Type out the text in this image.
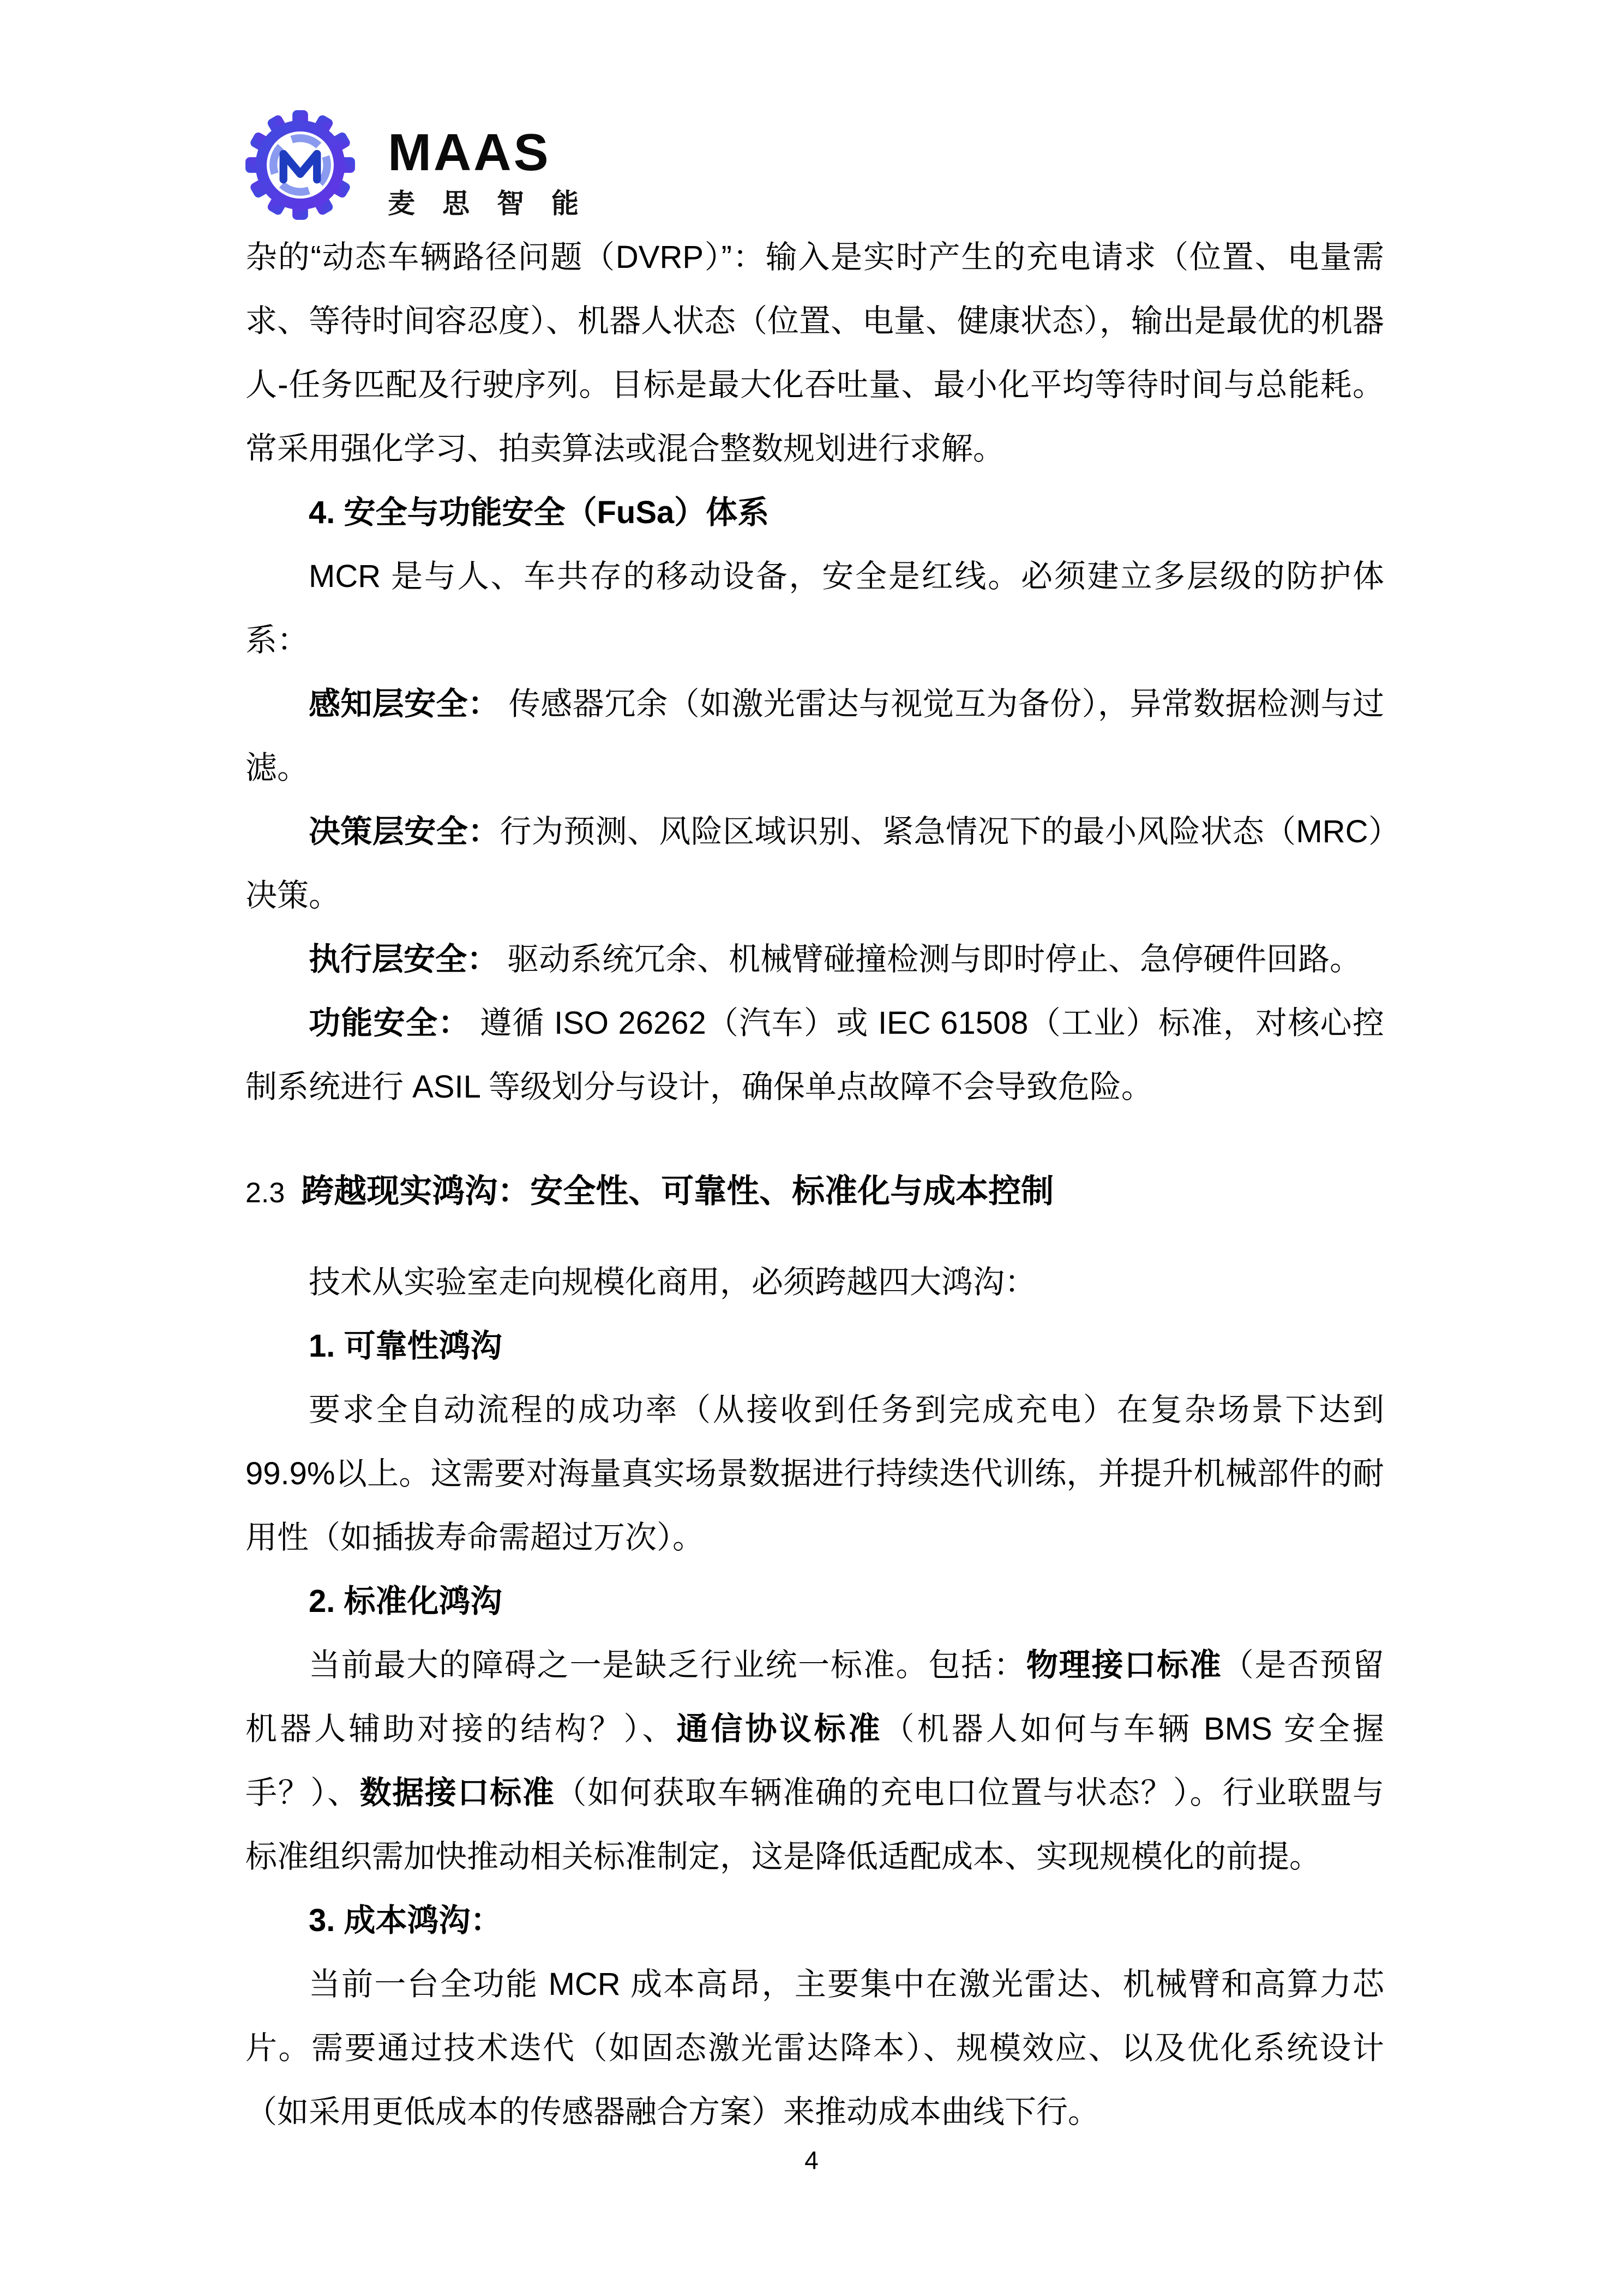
MAAS
麦思智能

杂的“动态车辆路径问题（DVRP）”：输入是实时产生的充电请求（位置、电量需求、等待时间容忍度）、机器人状态（位置、电量、健康状态），输出是最优的机器人-任务匹配及行驶序列。目标是最大化吞吐量、最小化平均等待时间与总能耗。常采用强化学习、拍卖算法或混合整数规划进行求解。

4. 安全与功能安全（FuSa）体系

MCR 是与人、车共存的移动设备，安全是红线。必须建立多层级的防护体系：

感知层安全： 传感器冗余（如激光雷达与视觉互为备份），异常数据检测与过滤。

决策层安全：行为预测、风险区域识别、紧急情况下的最小风险状态（MRC）决策。

执行层安全： 驱动系统冗余、机械臂碰撞检测与即时停止、急停硬件回路。

功能安全： 遵循 ISO 26262（汽车）或 IEC 61508（工业）标准，对核心控制系统进行 ASIL 等级划分与设计，确保单点故障不会导致危险。

2.3 跨越现实鸿沟：安全性、可靠性、标准化与成本控制

技术从实验室走向规模化商用，必须跨越四大鸿沟：

1. 可靠性鸿沟

要求全自动流程的成功率（从接收到任务到完成充电）在复杂场景下达到99.9%以上。这需要对海量真实场景数据进行持续迭代训练，并提升机械部件的耐用性（如插拔寿命需超过万次）。

2. 标准化鸿沟

当前最大的障碍之一是缺乏行业统一标准。包括：物理接口标准（是否预留机器人辅助对接的结构？）、通信协议标准（机器人如何与车辆 BMS 安全握手？）、数据接口标准（如何获取车辆准确的充电口位置与状态？）。行业联盟与标准组织需加快推动相关标准制定，这是降低适配成本、实现规模化的前提。

3. 成本鸿沟：

当前一台全功能 MCR 成本高昂，主要集中在激光雷达、机械臂和高算力芯片。需要通过技术迭代（如固态激光雷达降本）、规模效应、以及优化系统设计（如采用更低成本的传感器融合方案）来推动成本曲线下行。

4
